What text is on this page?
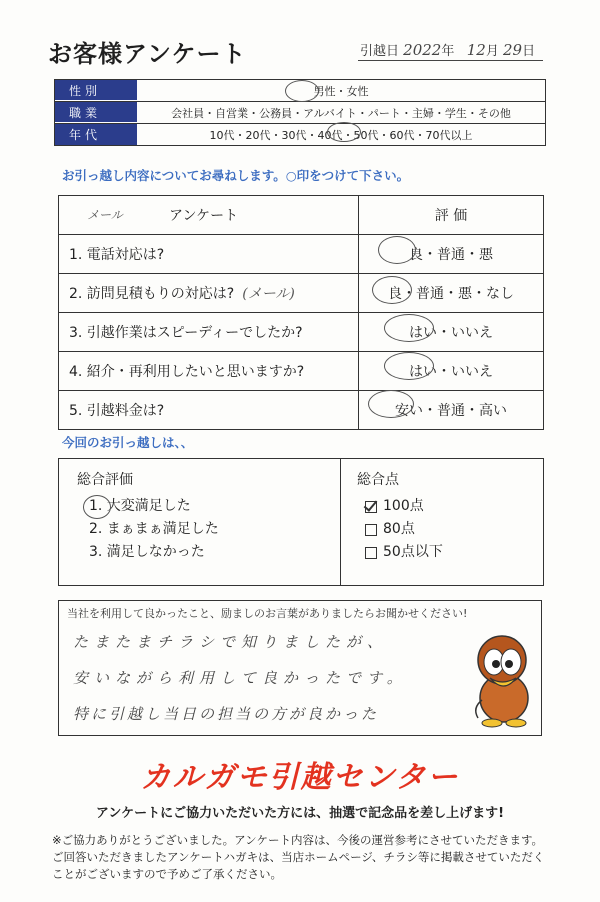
お客様アンケート	引越日 2022年 12月 29日
性別	男性・女性
職業	会社員・自営業・公務員・アルバイト・パート・主婦・学生・その他
年代	10代・20代・30代・40代・50代・60代・70代以上
お引っ越し内容についてお尋ねします。○印をつけて下さい。
メール	アンケート	評 価
1. 電話対応は?	良・普通・悪
2. 訪問見積もりの対応は? (メール)	良・普通・悪・なし
3. 引越作業はスピーディーでしたか?	はい・いいえ
4. 紹介・再利用したいと思いますか?	はい・いいえ
5. 引越料金は?	安い・普通・高い
今回のお引っ越しは、、
総合評価
1. 大変満足した
2. まぁまぁ満足した
3. 満足しなかった
総合点
100点
80点
50点以下
当社を利用して良かったこと、励ましのお言葉がありましたらお聞かせください!
たまたまチラシで知りましたが、
安いながら利用して良かったです。
特に引越し当日の担当の方が良かった
カルガモ引越センター
アンケートにご協力いただいた方には、抽選で記念品を差し上げます!
※ご協力ありがとうございました。アンケート内容は、今後の運営参考にさせていただきます。ご回答いただきましたアンケートハガキは、当店ホームページ、チラシ等に掲載させていただくことがございますので予めご了承ください。
